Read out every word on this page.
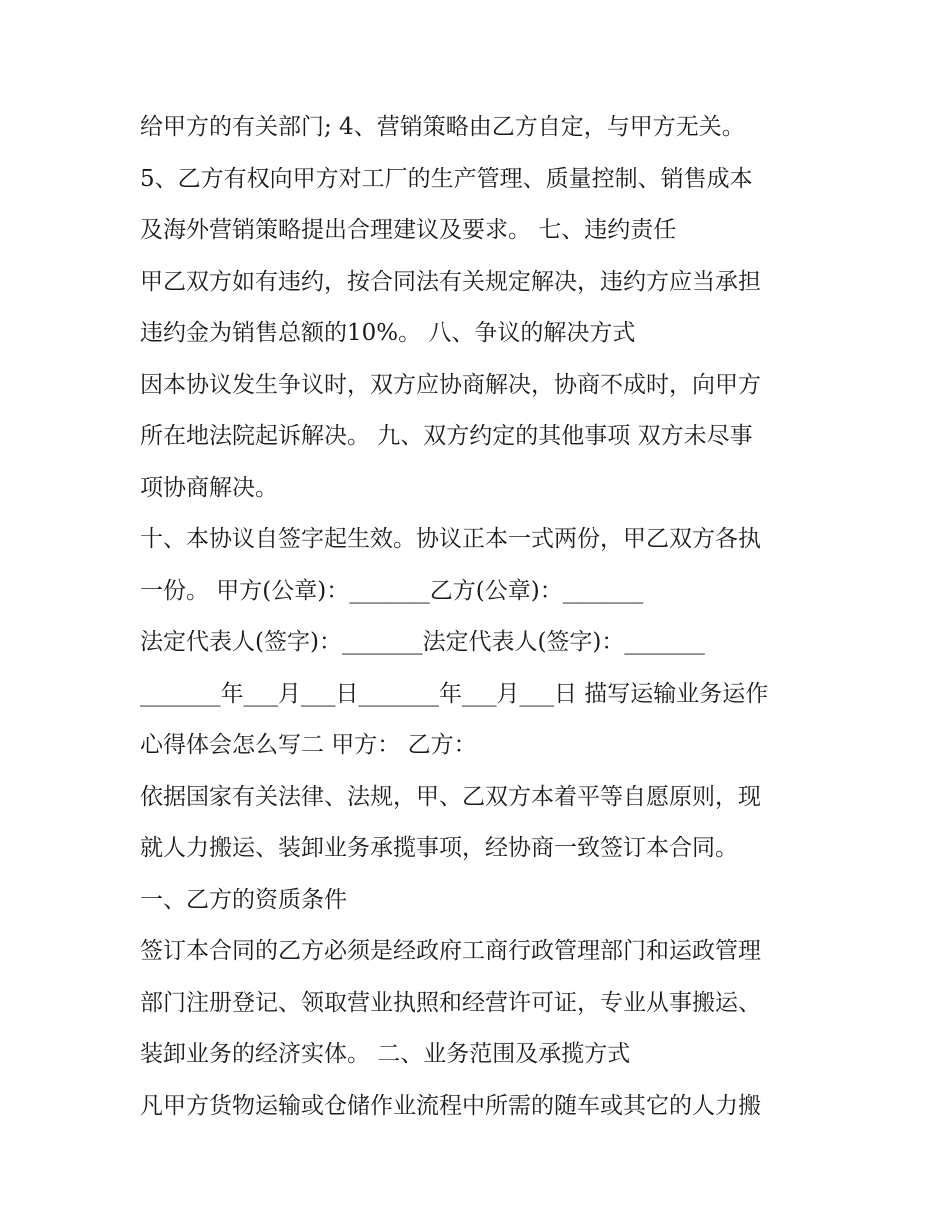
给甲方的有关部门; 4、营销策略由乙方自定，与甲方无关。
5、乙方有权向甲方对工厂的生产管理、质量控制、销售成本
及海外营销策略提出合理建议及要求。 七、违约责任
甲乙双方如有违约，按合同法有关规定解决，违约方应当承担
违约金为销售总额的10%。 八、争议的解决方式
因本协议发生争议时，双方应协商解决，协商不成时，向甲方
所在地法院起诉解决。 九、双方约定的其他事项 双方未尽事
项协商解决。
十、本协议自签字起生效。协议正本一式两份，甲乙双方各执
一份。 甲方(公章)：_______乙方(公章)：_______
法定代表人(签字)：_______法定代表人(签字)：_______
_______年___月___日_______年___月___日 描写运输业务运作
心得体会怎么写二 甲方： 乙方：
依据国家有关法律、法规，甲、乙双方本着平等自愿原则，现
就人力搬运、装卸业务承揽事项，经协商一致签订本合同。
一、乙方的资质条件
签订本合同的乙方必须是经政府工商行政管理部门和运政管理
部门注册登记、领取营业执照和经营许可证，专业从事搬运、
装卸业务的经济实体。 二、业务范围及承揽方式
凡甲方货物运输或仓储作业流程中所需的随车或其它的人力搬
